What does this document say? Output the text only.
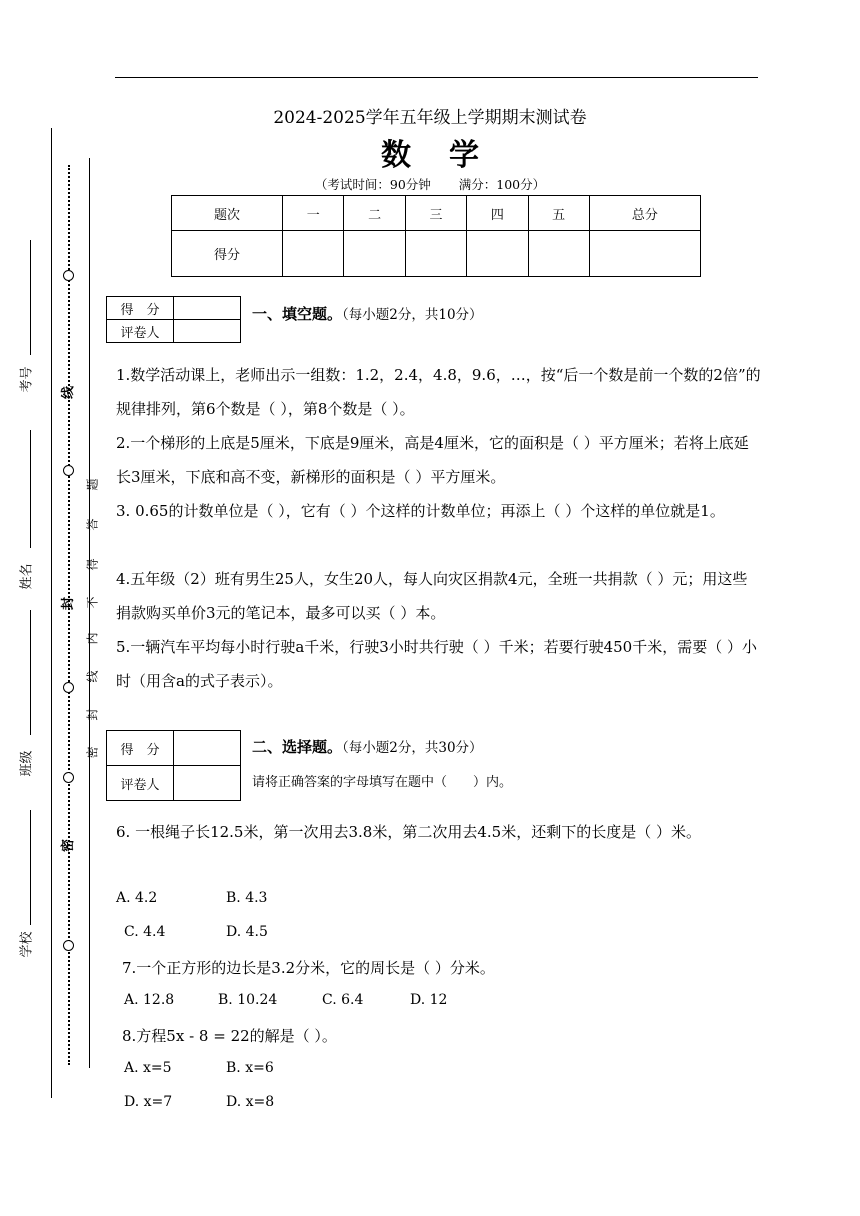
2024-2025学年五年级上学期期末测试卷
数学
（考试时间：90分钟 满分：100分）
题次	一	二	三	四	五	总分
得分						
得　分	
评卷人	
一、填空题。（每小题2分，共10分）
1.数学活动课上，老师出示一组数：1.2，2.4，4.8，9.6，…，按“后一个数是前一个数的2倍”的规律排列，第6个数是（ ），第8个数是（ ）。
2.一个梯形的上底是5厘米，下底是9厘米，高是4厘米，它的面积是（ ）平方厘米；若将上底延长3厘米，下底和高不变，新梯形的面积是（ ）平方厘米。
3. 0.65的计数单位是（ ），它有（ ）个这样的计数单位；再添上（ ）个这样的单位就是1。
4.五年级（2）班有男生25人，女生20人，每人向灾区捐款4元，全班一共捐款（ ）元；用这些捐款购买单价3元的笔记本，最多可以买（ ）本。
5.一辆汽车平均每小时行驶a千米，行驶3小时共行驶（ ）千米；若要行驶450千米，需要（ ）小时（用含a的式子表示）。
得　分	
评卷人	
二、选择题。（每小题2分，共30分）
请将正确答案的字母填写在题中（　　）内。
6. 一根绳子长12.5米，第一次用去3.8米，第二次用去4.5米，还剩下的长度是（ ）米。
A. 4.2	B. 4.3
C. 4.4	D. 4.5
7.一个正方形的边长是3.2分米，它的周长是（ ）分米。
A. 12.8	B. 10.24	C. 6.4	D. 12
8.方程5x - 8 = 22的解是（ ）。
A. x=5	B. x=6
D. x=7	D. x=8
考号
姓名
班级
学校
线
封
密
题
答
得
不
内
线
封
密
